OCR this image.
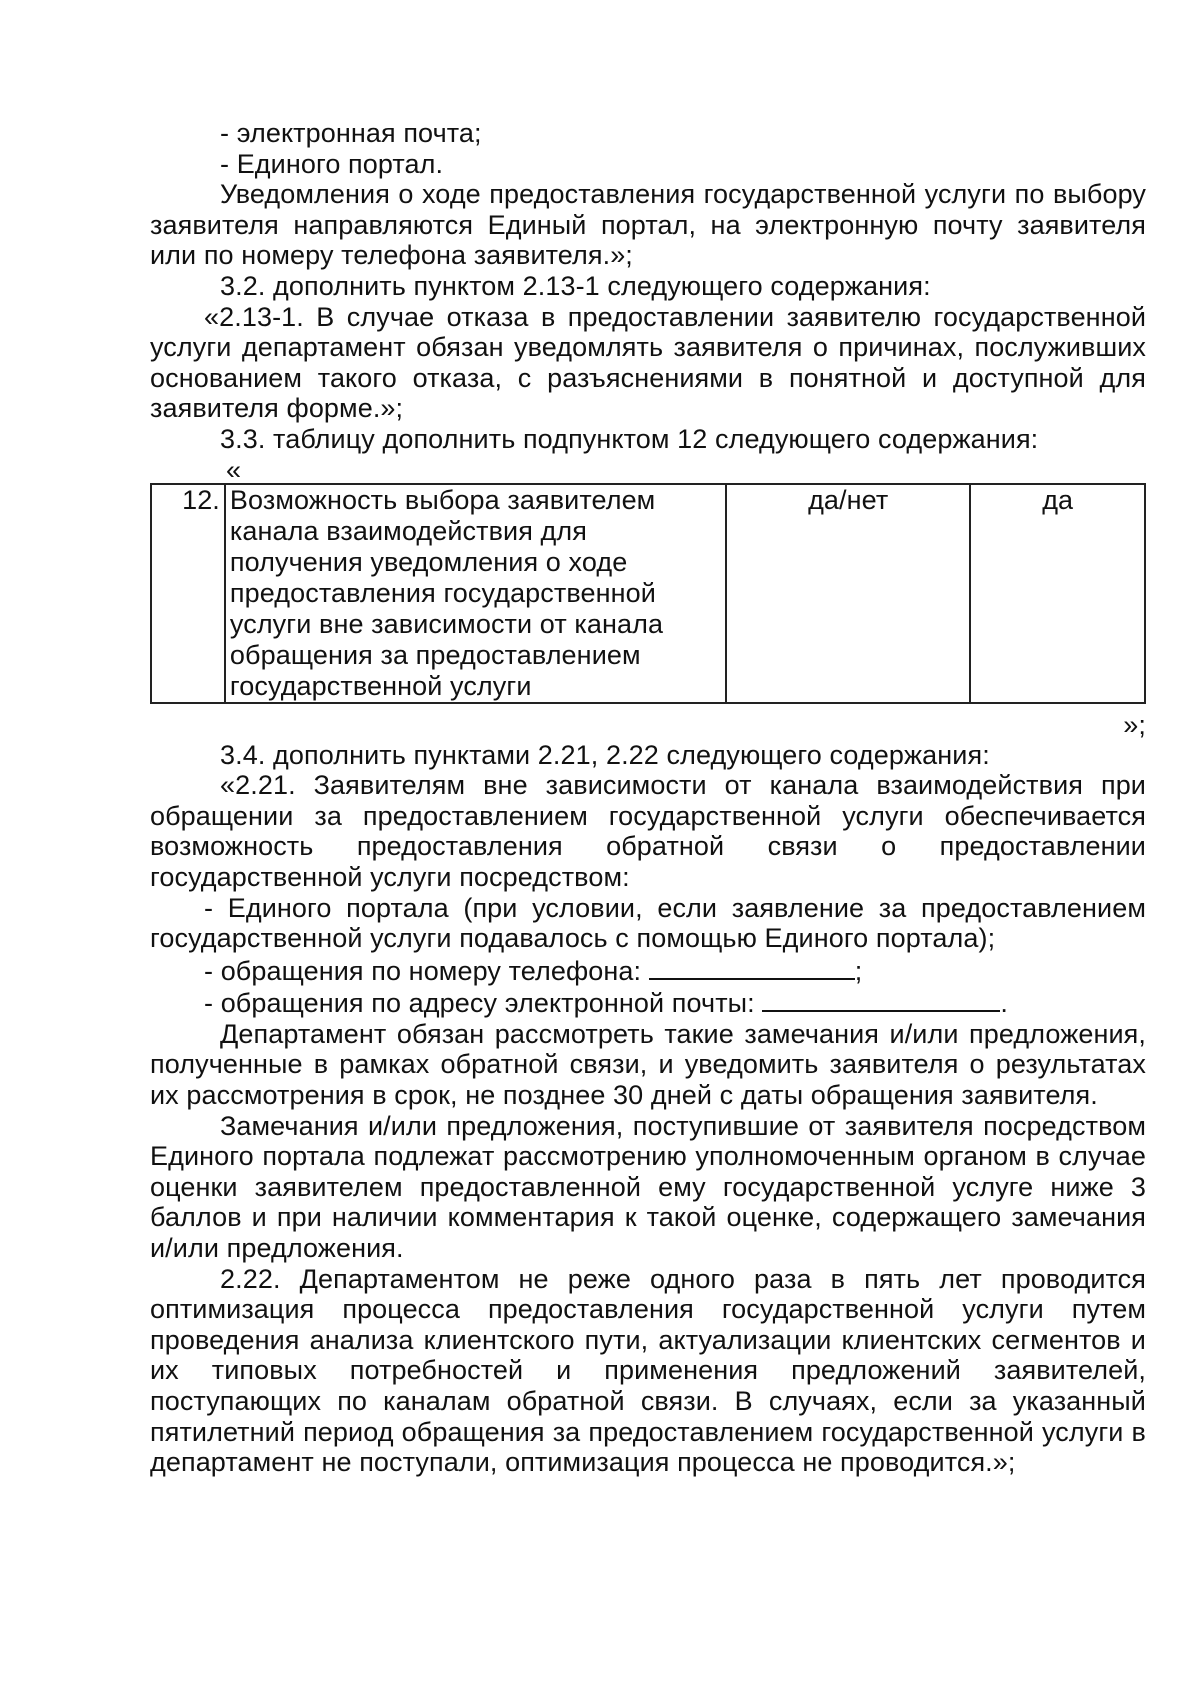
- электронная почта;

- Единого портал.

Уведомления о ходе предоставления государственной услуги по выбору заявителя направляются Единый портал, на электронную почту заявителя или по номеру телефона заявителя.»;

3.2. дополнить пунктом 2.13-1 следующего содержания:

«2.13-1. В случае отказа в предоставлении заявителю государственной услуги департамент обязан уведомлять заявителя о причинах, послуживших основанием такого отказа, с разъяснениями в понятной и доступной для заявителя форме.»;

3.3. таблицу дополнить подпунктом 12 следующего содержания:

«
12.	Возможность выбора заявителем канала взаимодействия для получения уведомления о ходе предоставления государственной услуги вне зависимости от канала обращения за предоставлением государственной услуги	да/нет	да
»;

3.4. дополнить пунктами 2.21, 2.22 следующего содержания:

«2.21. Заявителям вне зависимости от канала взаимодействия при обращении за предоставлением государственной услуги обеспечивается возможность предоставления обратной связи о предоставлении государственной услуги посредством:

- Единого портала (при условии, если заявление за предоставлением государственной услуги подавалось с помощью Единого портала);

- обращения по номеру телефона:	;

- обращения по адресу электронной почты:	.

Департамент обязан рассмотреть такие замечания и/или предложения, полученные в рамках обратной связи, и уведомить заявителя о результатах их рассмотрения в срок, не позднее 30 дней с даты обращения заявителя.

Замечания и/или предложения, поступившие от заявителя посредством Единого портала подлежат рассмотрению уполномоченным органом в случае оценки заявителем предоставленной ему государственной услуге ниже 3 баллов и при наличии комментария к такой оценке, содержащего замечания и/или предложения.

2.22. Департаментом не реже одного раза в пять лет проводится оптимизация процесса предоставления государственной услуги путем проведения анализа клиентского пути, актуализации клиентских сегментов и их типовых потребностей и применения предложений заявителей, поступающих по каналам обратной связи. В случаях, если за указанный пятилетний период обращения за предоставлением государственной услуги в департамент не поступали, оптимизация процесса не проводится.»;
